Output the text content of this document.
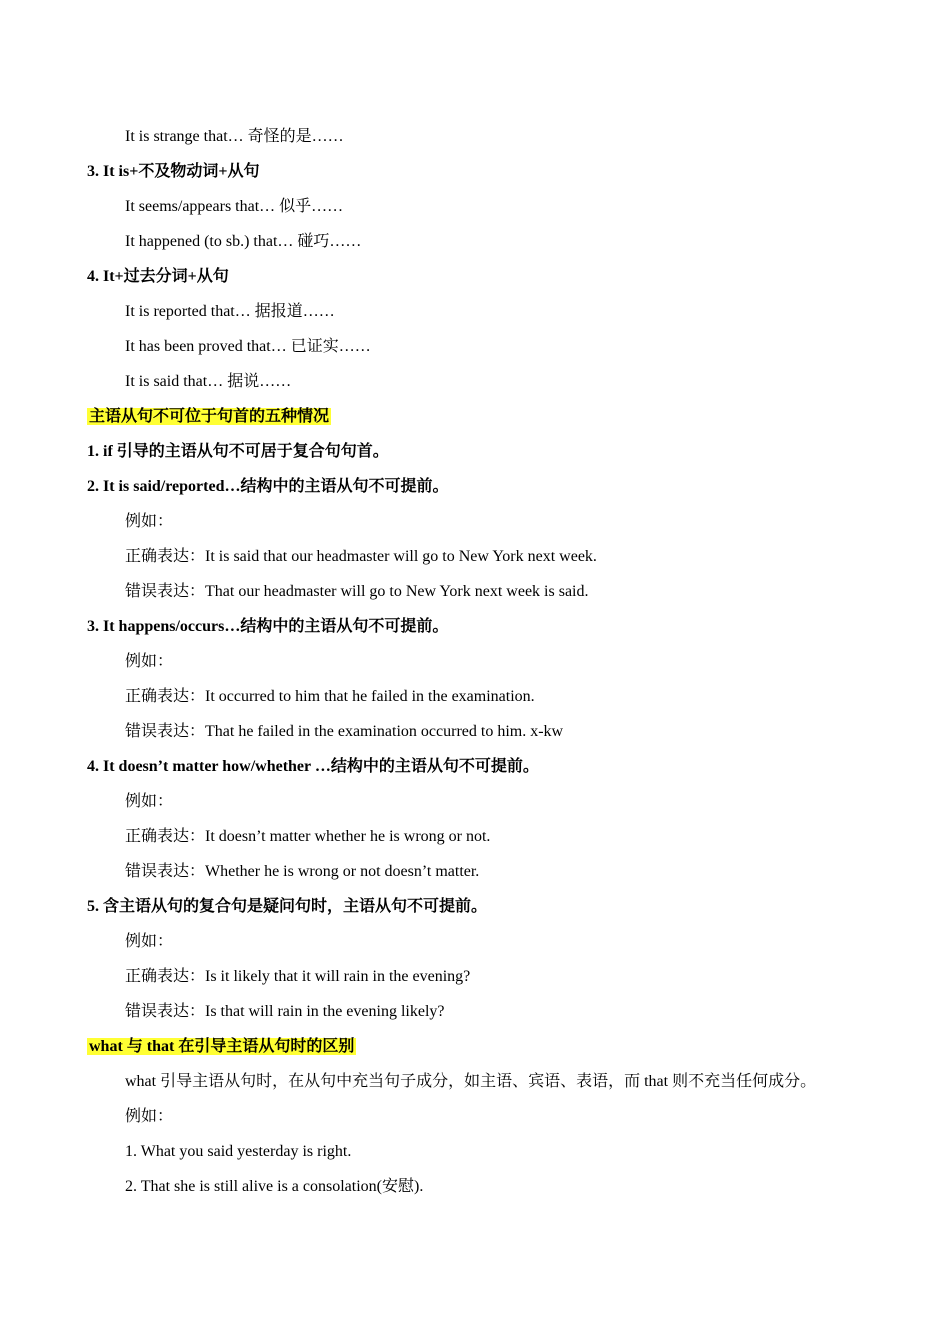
It is strange that… 奇怪的是……
3. It is+不及物动词+从句
It seems/appears that… 似乎……
It happened (to sb.) that… 碰巧……
4. It+过去分词+从句
It is reported that… 据报道……
It has been proved that… 已证实……
It is said that… 据说……
主语从句不可位于句首的五种情况
1. if 引导的主语从句不可居于复合句句首。
2. It is said/reported…结构中的主语从句不可提前。
例如：
正确表达：It is said that our headmaster will go to New York next week.
错误表达：That our headmaster will go to New York next week is said.
3. It happens/occurs…结构中的主语从句不可提前。
例如：
正确表达：It occurred to him that he failed in the examination.
错误表达：That he failed in the examination occurred to him. x-kw
4. It doesn’t matter how/whether …结构中的主语从句不可提前。
例如：
正确表达：It doesn’t matter whether he is wrong or not.
错误表达：Whether he is wrong or not doesn’t matter.
5. 含主语从句的复合句是疑问句时，主语从句不可提前。
例如：
正确表达：Is it likely that it will rain in the evening?
错误表达：Is that will rain in the evening likely?
what 与 that 在引导主语从句时的区别
what 引导主语从句时，在从句中充当句子成分，如主语、宾语、表语，而 that 则不充当任何成分。
例如：
1. What you said yesterday is right.
2. That she is still alive is a consolation(安慰).
